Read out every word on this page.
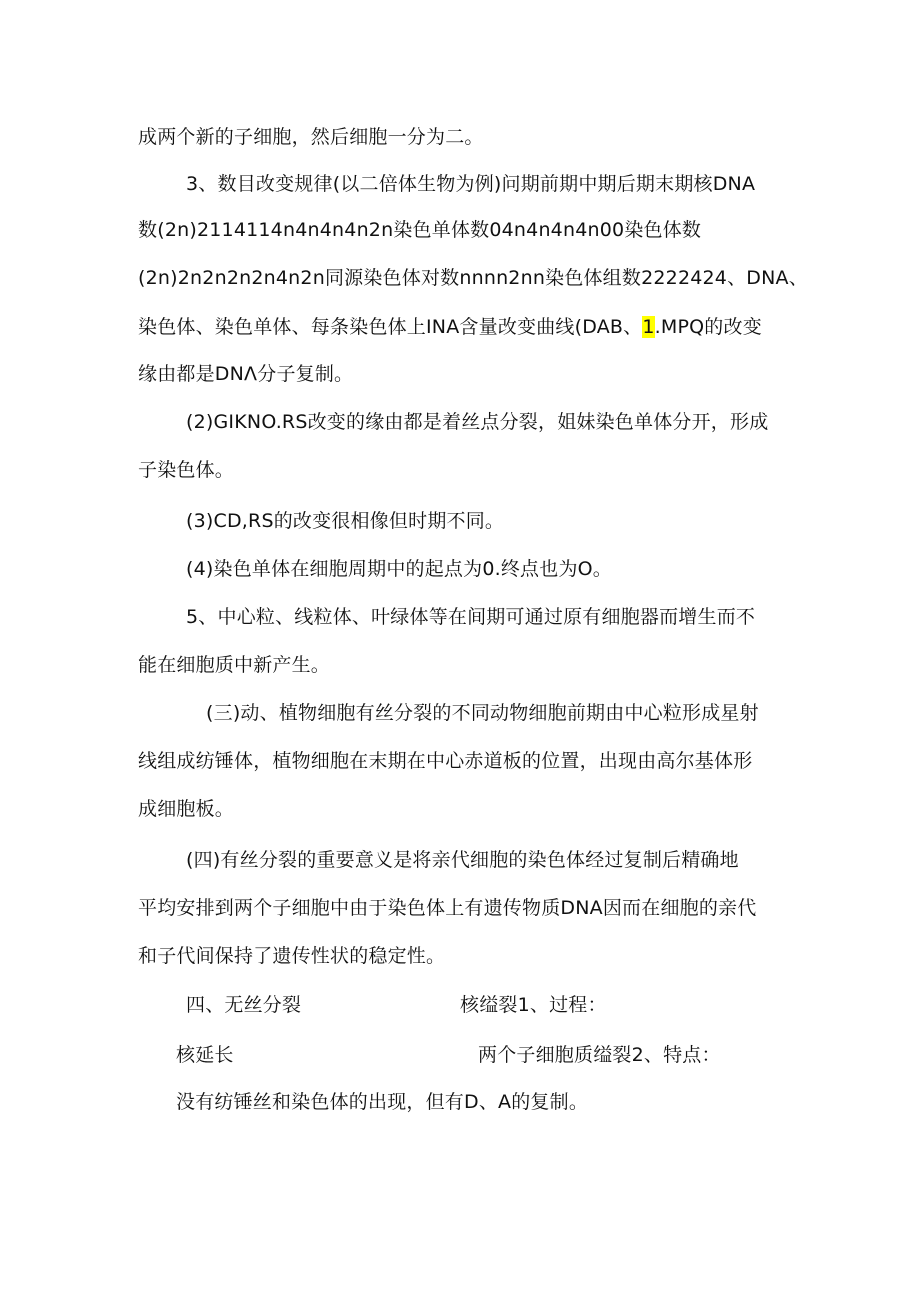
成两个新的子细胞，然后细胞一分为二。
3、数目改变规律(以二倍体生物为例)问期前期中期后期末期核DNA
数(2n)2114114n4n4n4n2n染色单体数04n4n4n4n00染色体数
(2n)2n2n2n2n4n2n同源染色体对数nnnn2nn染色体组数2222424、DNA、
染色体、染色单体、每条染色体上INA含量改变曲线(DAB、1.MPQ的改变
缘由都是DNΛ分子复制。
(2)GIKNO.RS改变的缘由都是着丝点分裂，姐妹染色单体分开，形成
子染色体。
(3)CD,RS的改变很相像但时期不同。
(4)染色单体在细胞周期中的起点为0.终点也为O。
5、中心粒、线粒体、叶绿体等在间期可通过原有细胞器而增生而不
能在细胞质中新产生。
(三)动、植物细胞有丝分裂的不同动物细胞前期由中心粒形成星射
线组成纺锤体，植物细胞在末期在中心赤道板的位置，出现由高尔基体形
成细胞板。
(四)有丝分裂的重要意义是将亲代细胞的染色体经过复制后精确地
平均安排到两个子细胞中由于染色体上有遗传物质DNA因而在细胞的亲代
和子代间保持了遗传性状的稳定性。
四、无丝分裂	核缢裂1、过程：
核延长	两个子细胞质缢裂2、特点：
没有纺锤丝和染色体的出现，但有D、A的复制。
